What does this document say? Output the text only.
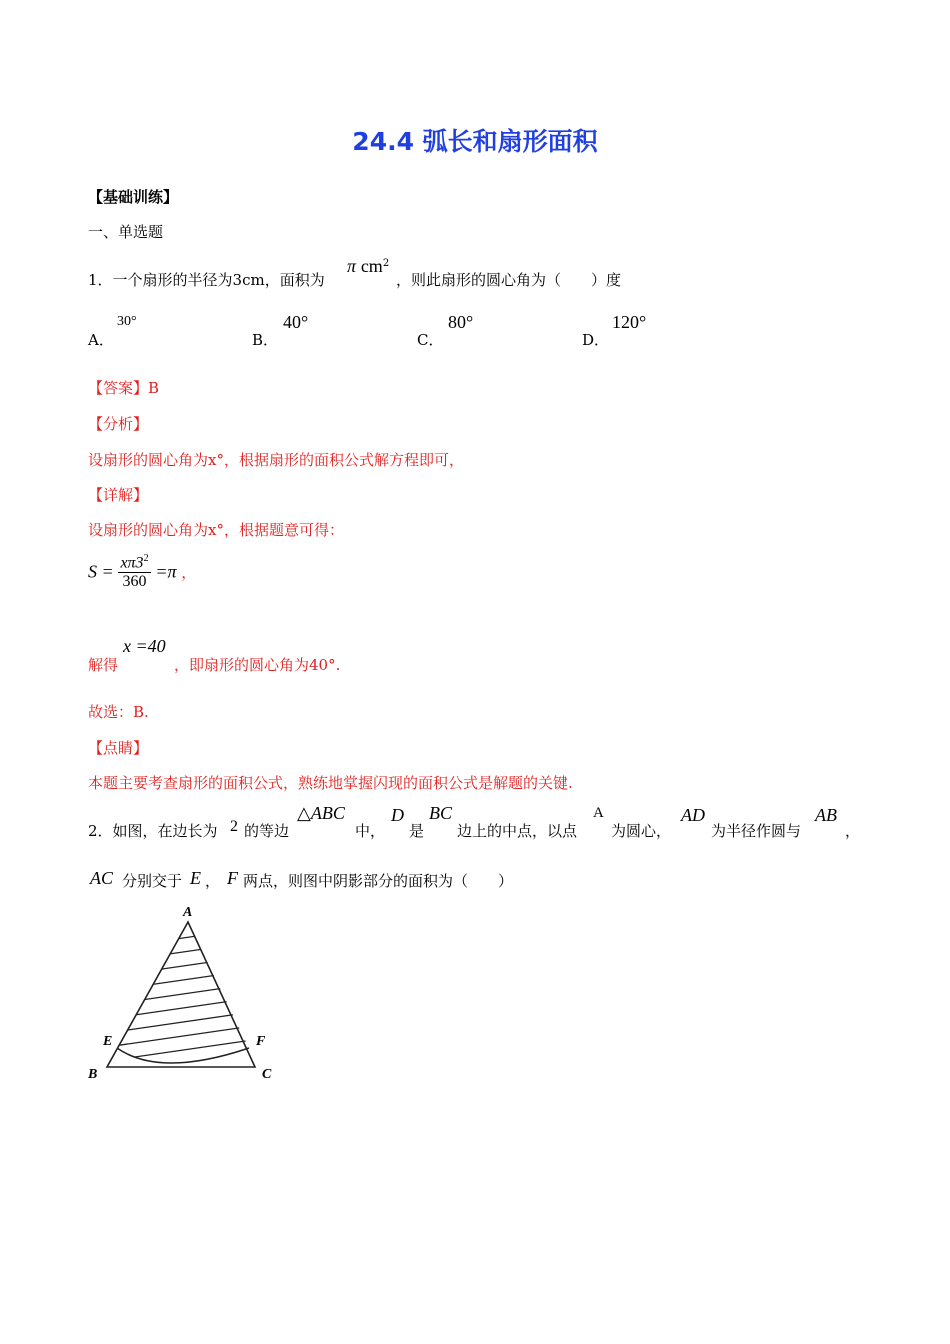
24.4 弧长和扇形面积
【基础训练】
一、单选题
1．一个扇形的半径为3cm，面积为
π $cm^2$
，则此扇形的圆心角为（　　）度
A．
30°
B．
40°
C．
80°
D．
120°
【答案】B
【分析】
设扇形的圆心角为x°，根据扇形的面积公式解方程即可，
【详解】
设扇形的圆心角为x°，根据题意可得：
$S = \frac{x\pi 3^2}{360} =\pi$ ，
解得
x =40
，即扇形的圆心角为40°.
故选：B.
【点睛】
本题主要考查扇形的面积公式，熟练地掌握闪现的面积公式是解题的关键.
2．如图，在边长为 2 的等边
△ABC
中，
D
是
BC
边上的中点，以点
A
为圆心，
AD
为半径作圆与
AB
，
AC 分别交于 E ， F 两点，则图中阴影部分的面积为（　　）
A
B	C
E	F
